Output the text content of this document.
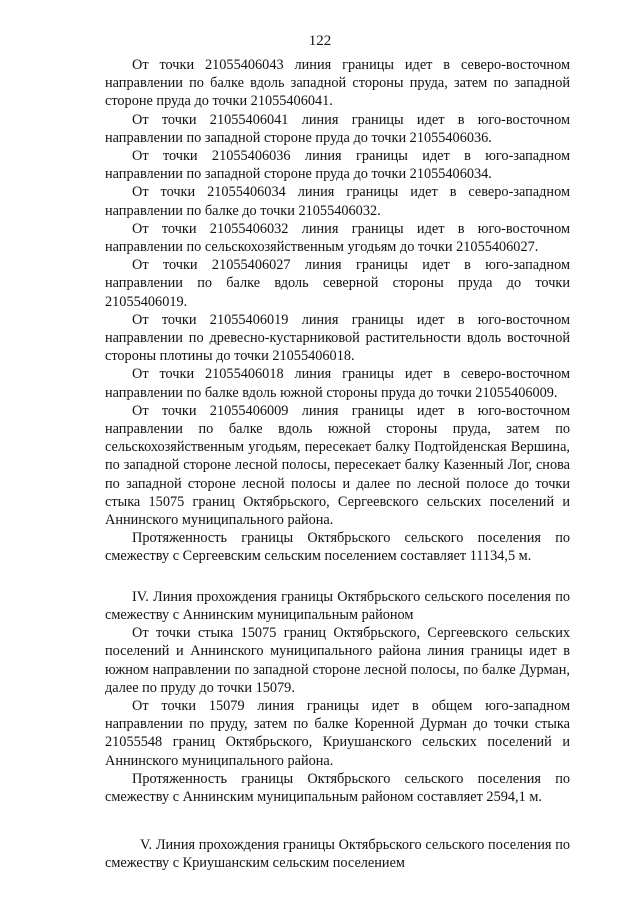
122

От точки 21055406043 линия границы идет в северо-восточном направлении по балке вдоль западной стороны пруда, затем по западной стороне пруда до точки 21055406041.

От точки 21055406041 линия границы идет в юго-восточном направлении по западной стороне пруда до точки 21055406036.

От точки 21055406036 линия границы идет в юго-западном направлении по западной стороне пруда до точки 21055406034.

От точки 21055406034 линия границы идет в северо-западном направлении по балке до точки 21055406032.

От точки 21055406032 линия границы идет в юго-восточном направлении по сельскохозяйственным угодьям до точки 21055406027.

От точки 21055406027 линия границы идет в юго-западном направлении по балке вдоль северной стороны пруда до точки 21055406019.

От точки 21055406019 линия границы идет в юго-восточном направлении по древесно-кустарниковой растительности вдоль восточной стороны плотины до точки 21055406018.

От точки 21055406018 линия границы идет в северо-восточном направлении по балке вдоль южной стороны пруда до точки 21055406009.

От точки 21055406009 линия границы идет в юго-восточном направлении по балке вдоль южной стороны пруда, затем по сельскохозяйственным угодьям, пересекает балку Подтойденская Вершина, по западной стороне лесной полосы, пересекает балку Казенный Лог, снова по западной стороне лесной полосы и далее по лесной полосе до точки стыка 15075 границ Октябрьского, Сергеевского сельских поселений и Аннинского муниципального района.

Протяженность границы Октябрьского сельского поселения по смежеству с Сергеевским сельским поселением составляет 11134,5 м.

IV. Линия прохождения границы Октябрьского сельского поселения по смежеству с Аннинским муниципальным районом

От точки стыка 15075 границ Октябрьского, Сергеевского сельских поселений и Аннинского муниципального района линия границы идет в южном направлении по западной стороне лесной полосы, по балке Дурман, далее по пруду до точки 15079.

От точки 15079 линия границы идет в общем юго-западном направлении по пруду, затем по балке Коренной Дурман до точки стыка 21055548 границ Октябрьского, Криушанского сельских поселений и Аннинского муниципального района.

Протяженность границы Октябрьского сельского поселения по смежеству с Аннинским муниципальным районом составляет 2594,1 м.

V. Линия прохождения границы Октябрьского сельского поселения по смежеству с Криушанским сельским поселением
